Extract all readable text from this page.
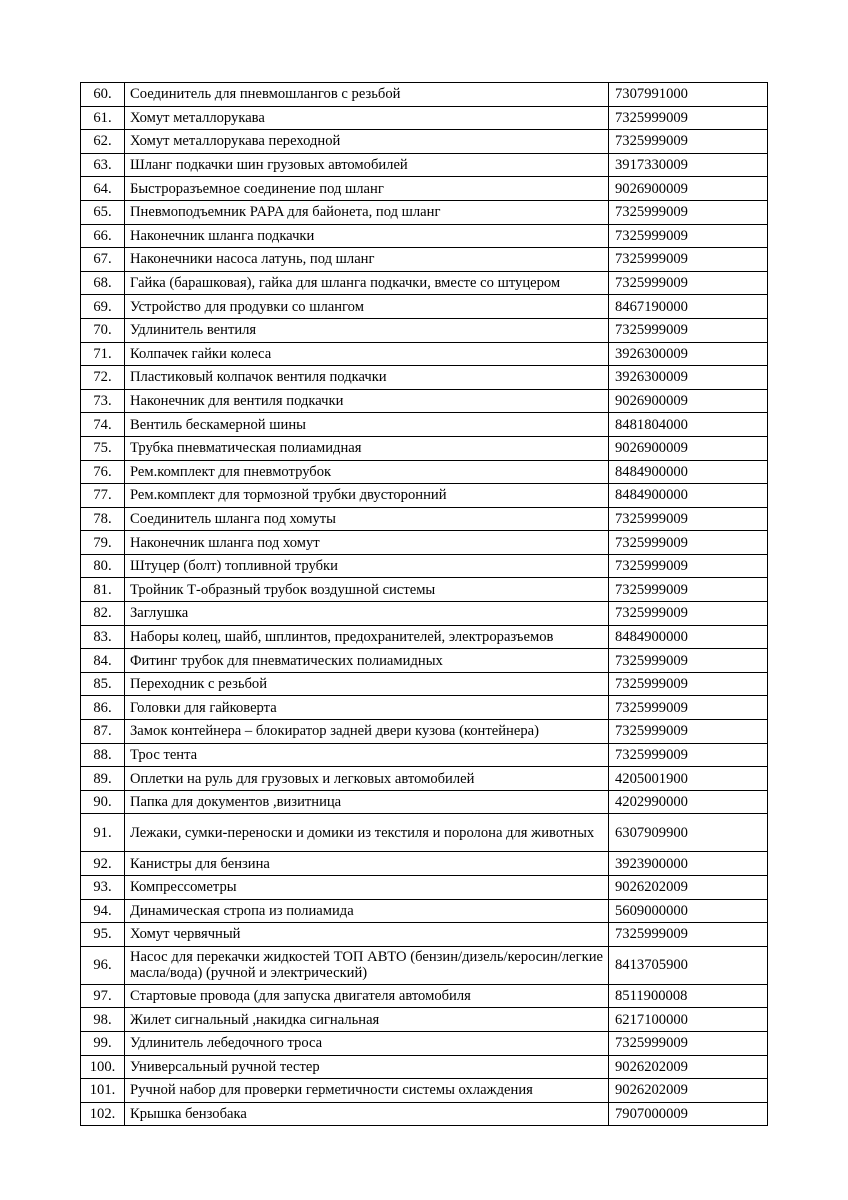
60.	Соединитель для пневмошлангов с резьбой	7307991000
61.	Хомут металлорукава	7325999009
62.	Хомут металлорукава переходной	7325999009
63.	Шланг подкачки шин грузовых автомобилей	3917330009
64.	Быстроразъемное соединение под шланг	9026900009
65.	Пневмоподъемник PAPA для байонета, под шланг	7325999009
66.	Наконечник шланга подкачки	7325999009
67.	Наконечники насоса латунь, под шланг	7325999009
68.	Гайка (барашковая), гайка для шланга подкачки, вместе со штуцером	7325999009
69.	Устройство для продувки со шлангом	8467190000
70.	Удлинитель вентиля	7325999009
71.	Колпачек гайки колеса	3926300009
72.	Пластиковый колпачок вентиля подкачки	3926300009
73.	Наконечник для вентиля подкачки	9026900009
74.	Вентиль бескамерной шины	8481804000
75.	Трубка пневматическая полиамидная	9026900009
76.	Рем.комплект для пневмотрубок	8484900000
77.	Рем.комплект для тормозной трубки двусторонний	8484900000
78.	Соединитель шланга под хомуты	7325999009
79.	Наконечник шланга под хомут	7325999009
80.	Штуцер (болт) топливной трубки	7325999009
81.	Тройник Т-образный трубок воздушной системы	7325999009
82.	Заглушка	7325999009
83.	Наборы колец, шайб, шплинтов, предохранителей, электроразъемов	8484900000
84.	Фитинг трубок для пневматических полиамидных	7325999009
85.	Переходник с резьбой	7325999009
86.	Головки для гайковерта	7325999009
87.	Замок контейнера – блокиратор задней двери кузова (контейнера)	7325999009
88.	Трос тента	7325999009
89.	Оплетки на руль для грузовых и легковых автомобилей	4205001900
90.	Папка для документов ,визитница	4202990000
91.	Лежаки, сумки-переноски и домики из текстиля и поролона для животных	6307909900
92.	Канистры для бензина	3923900000
93.	Компрессометры	9026202009
94.	Динамическая стропа из полиамида	5609000000
95.	Хомут червячный	7325999009
96.	Насос для перекачки жидкостей ТОП АВТО (бензин/дизель/керосин/легкие масла/вода) (ручной и электрический)	8413705900
97.	Стартовые провода (для запуска двигателя автомобиля	8511900008
98.	Жилет сигнальный ,накидка сигнальная	6217100000
99.	Удлинитель лебедочного троса	7325999009
100.	Универсальный ручной тестер	9026202009
101.	Ручной набор для проверки герметичности системы охлаждения	9026202009
102.	Крышка бензобака	7907000009
